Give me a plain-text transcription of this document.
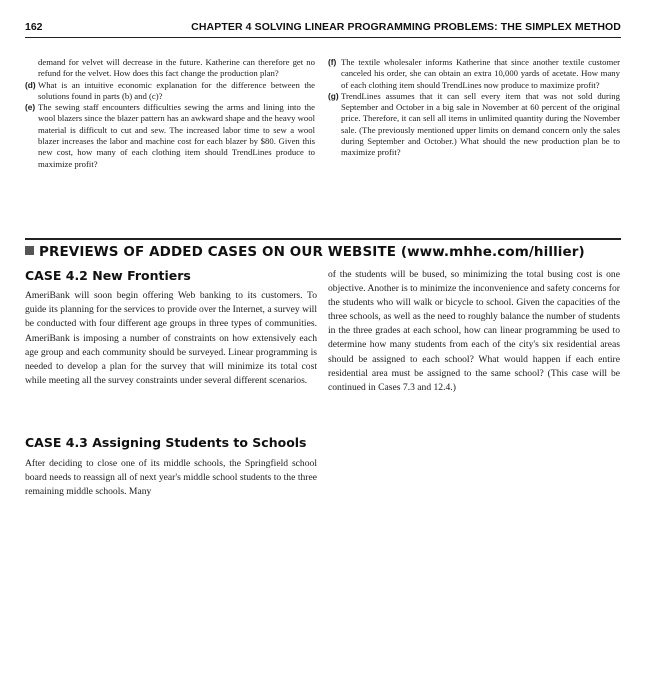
162	CHAPTER 4 SOLVING LINEAR PROGRAMMING PROBLEMS: THE SIMPLEX METHOD

demand for velvet will decrease in the future. Katherine can therefore get no refund for the velvet. How does this fact change the production plan?

(d) What is an intuitive economic explanation for the difference between the solutions found in parts (b) and (c)?
(e) The sewing staff encounters difficulties sewing the arms and lining into the wool blazers since the blazer pattern has an awkward shape and the heavy wool material is difficult to cut and sew. The increased labor time to sew a wool blazer increases the labor and machine cost for each blazer by $80. Given this new cost, how many of each clothing item should TrendLines produce to maximize profit?
(f) The textile wholesaler informs Katherine that since another textile customer canceled his order, she can obtain an extra 10,000 yards of acetate. How many of each clothing item should TrendLines now produce to maximize profit?
(g) TrendLines assumes that it can sell every item that was not sold during September and October in a big sale in November at 60 percent of the original price. Therefore, it can sell all items in unlimited quantity during the November sale. (The previously mentioned upper limits on demand concern only the sales during September and October.) What should the new production plan be to maximize profit?
PREVIEWS OF ADDED CASES ON OUR WEBSITE (www.mhhe.com/hillier)
CASE 4.2 New Frontiers

AmeriBank will soon begin offering Web banking to its customers. To guide its planning for the services to provide over the Internet, a survey will be conducted with four different age groups in three types of communities. AmeriBank is imposing a number of constraints on how extensively each age group and each community should be surveyed. Linear programming is needed to develop a plan for the survey that will minimize its total cost while meeting all the survey constraints under several different scenarios.

CASE 4.3 Assigning Students to Schools

After deciding to close one of its middle schools, the Springfield school board needs to reassign all of next year's middle school students to the three remaining middle schools. Many

of the students will be bused, so minimizing the total busing cost is one objective. Another is to minimize the inconvenience and safety concerns for the students who will walk or bicycle to school. Given the capacities of the three schools, as well as the need to roughly balance the number of students in the three grades at each school, how can linear programming be used to determine how many students from each of the city's six residential areas should be assigned to each school? What would happen if each entire residential area must be assigned to the same school? (This case will be continued in Cases 7.3 and 12.4.)
